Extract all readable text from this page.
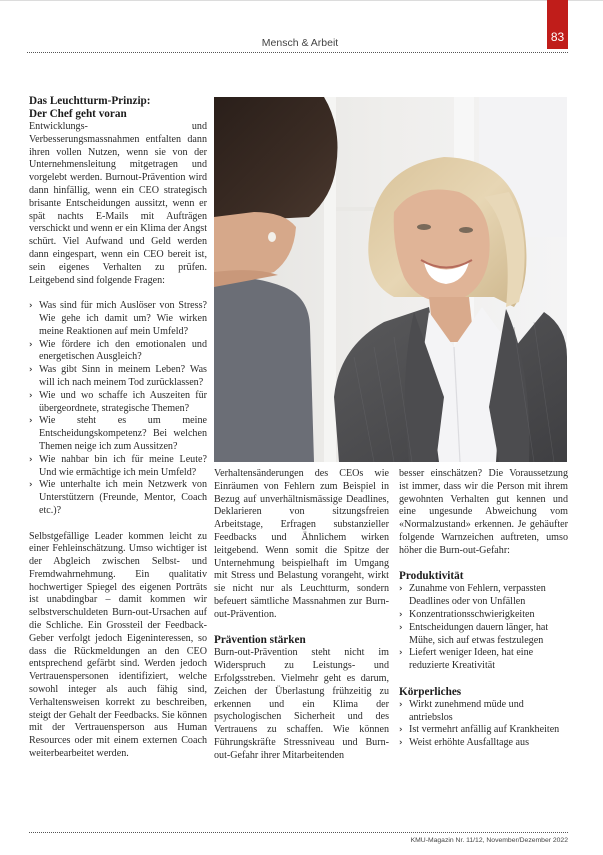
Mensch & Arbeit	83
Das Leuchtturm-Prinzip:
Der Chef geht voran

Entwicklungs- und Verbesserungsmassnahmen entfalten dann ihren vollen Nutzen, wenn sie von der Unternehmensleitung mitgetragen und vorgelebt werden. Burnout-Prävention wird dann hinfällig, wenn ein CEO strategisch brisante Entscheidungen aussitzt, wenn er spät nachts E-Mails mit Aufträgen verschickt und wenn er ein Klima der Angst schürt. Viel Aufwand und Geld werden dann eingespart, wenn ein CEO bereit ist, sein eigenes Verhalten zu prüfen. Leitgebend sind folgende Fragen:

› Was sind für mich Auslöser von Stress? Wie gehe ich damit um? Wie wirken meine Reaktionen auf mein Umfeld?
› Wie fördere ich den emotionalen und energetischen Ausgleich?
› Was gibt Sinn in meinem Leben? Was will ich nach meinem Tod zurücklassen?
› Wie und wo schaffe ich Auszeiten für übergeordnete, strategische Themen?
› Wie steht es um meine Entscheidungskompetenz? Bei welchen Themen neige ich zum Aussitzen?
› Wie nahbar bin ich für meine Leute? Und wie ermächtige ich mein Umfeld?
› Wie unterhalte ich mein Netzwerk von Unterstützern (Freunde, Mentor, Coach etc.)?

Selbstgefällige Leader kommen leicht zu einer Fehleinschätzung. Umso wichtiger ist der Abgleich zwischen Selbst- und Fremdwahrnehmung. Ein qualitativ hochwertiger Spiegel des eigenen Porträts ist unabdingbar – damit kommen wir selbstverschuldeten Burn-out-Ursachen auf die Schliche. Ein Grossteil der Feedback-Geber verfolgt jedoch Eigeninteressen, so dass die Rückmeldungen an den CEO entsprechend gefärbt sind. Werden jedoch Vertrauenspersonen identifiziert, welche sowohl integer als auch fähig sind, Verhaltensweisen korrekt zu beschreiben, steigt der Gehalt der Feedbacks. Sie können mit der Vertrauensperson aus Human Resources oder mit einem externen Coach weiterbearbeitet werden.

Verhaltensänderungen des CEOs wie Einräumen von Fehlern zum Beispiel in Bezug auf unverhältnismässige Deadlines, Deklarieren von sitzungsfreien Arbeitstage, Erfragen substanzieller Feedbacks und Ähnlichem wirken leitgebend. Wenn somit die Spitze der Unternehmung beispielhaft im Umgang mit Stress und Belastung vorangeht, wirkt sie nicht nur als Leuchtturm, sondern befeuert sämtliche Massnahmen zur Burn-out-Prävention.

Prävention stärken

Burn-out-Prävention steht nicht im Widerspruch zu Leistungs- und Erfolgsstreben. Vielmehr geht es darum, Zeichen der Überlastung frühzeitig zu erkennen und ein Klima der psychologischen Sicherheit und des Vertrauens zu schaffen. Wie können Führungskräfte Stressniveau und Burn-out-Gefahr ihrer Mitarbeitenden

besser einschätzen? Die Voraussetzung ist immer, dass wir die Person mit ihrem gewohnten Verhalten gut kennen und eine ungesunde Abweichung vom «Normalzustand» erkennen. Je gehäufter folgende Warnzeichen auftreten, umso höher die Burn-out-Gefahr:

Produktivität
› Zunahme von Fehlern, verpassten Deadlines oder von Unfällen
› Konzentrationsschwierigkeiten
› Entscheidungen dauern länger, hat Mühe, sich auf etwas festzulegen
› Liefert weniger Ideen, hat eine reduzierte Kreativität
Körperliches
› Wirkt zunehmend müde und antriebslos
› Ist vermehrt anfällig auf Krankheiten
› Weist erhöhte Ausfalltage aus
KMU-Magazin Nr. 11/12, November/Dezember 2022
